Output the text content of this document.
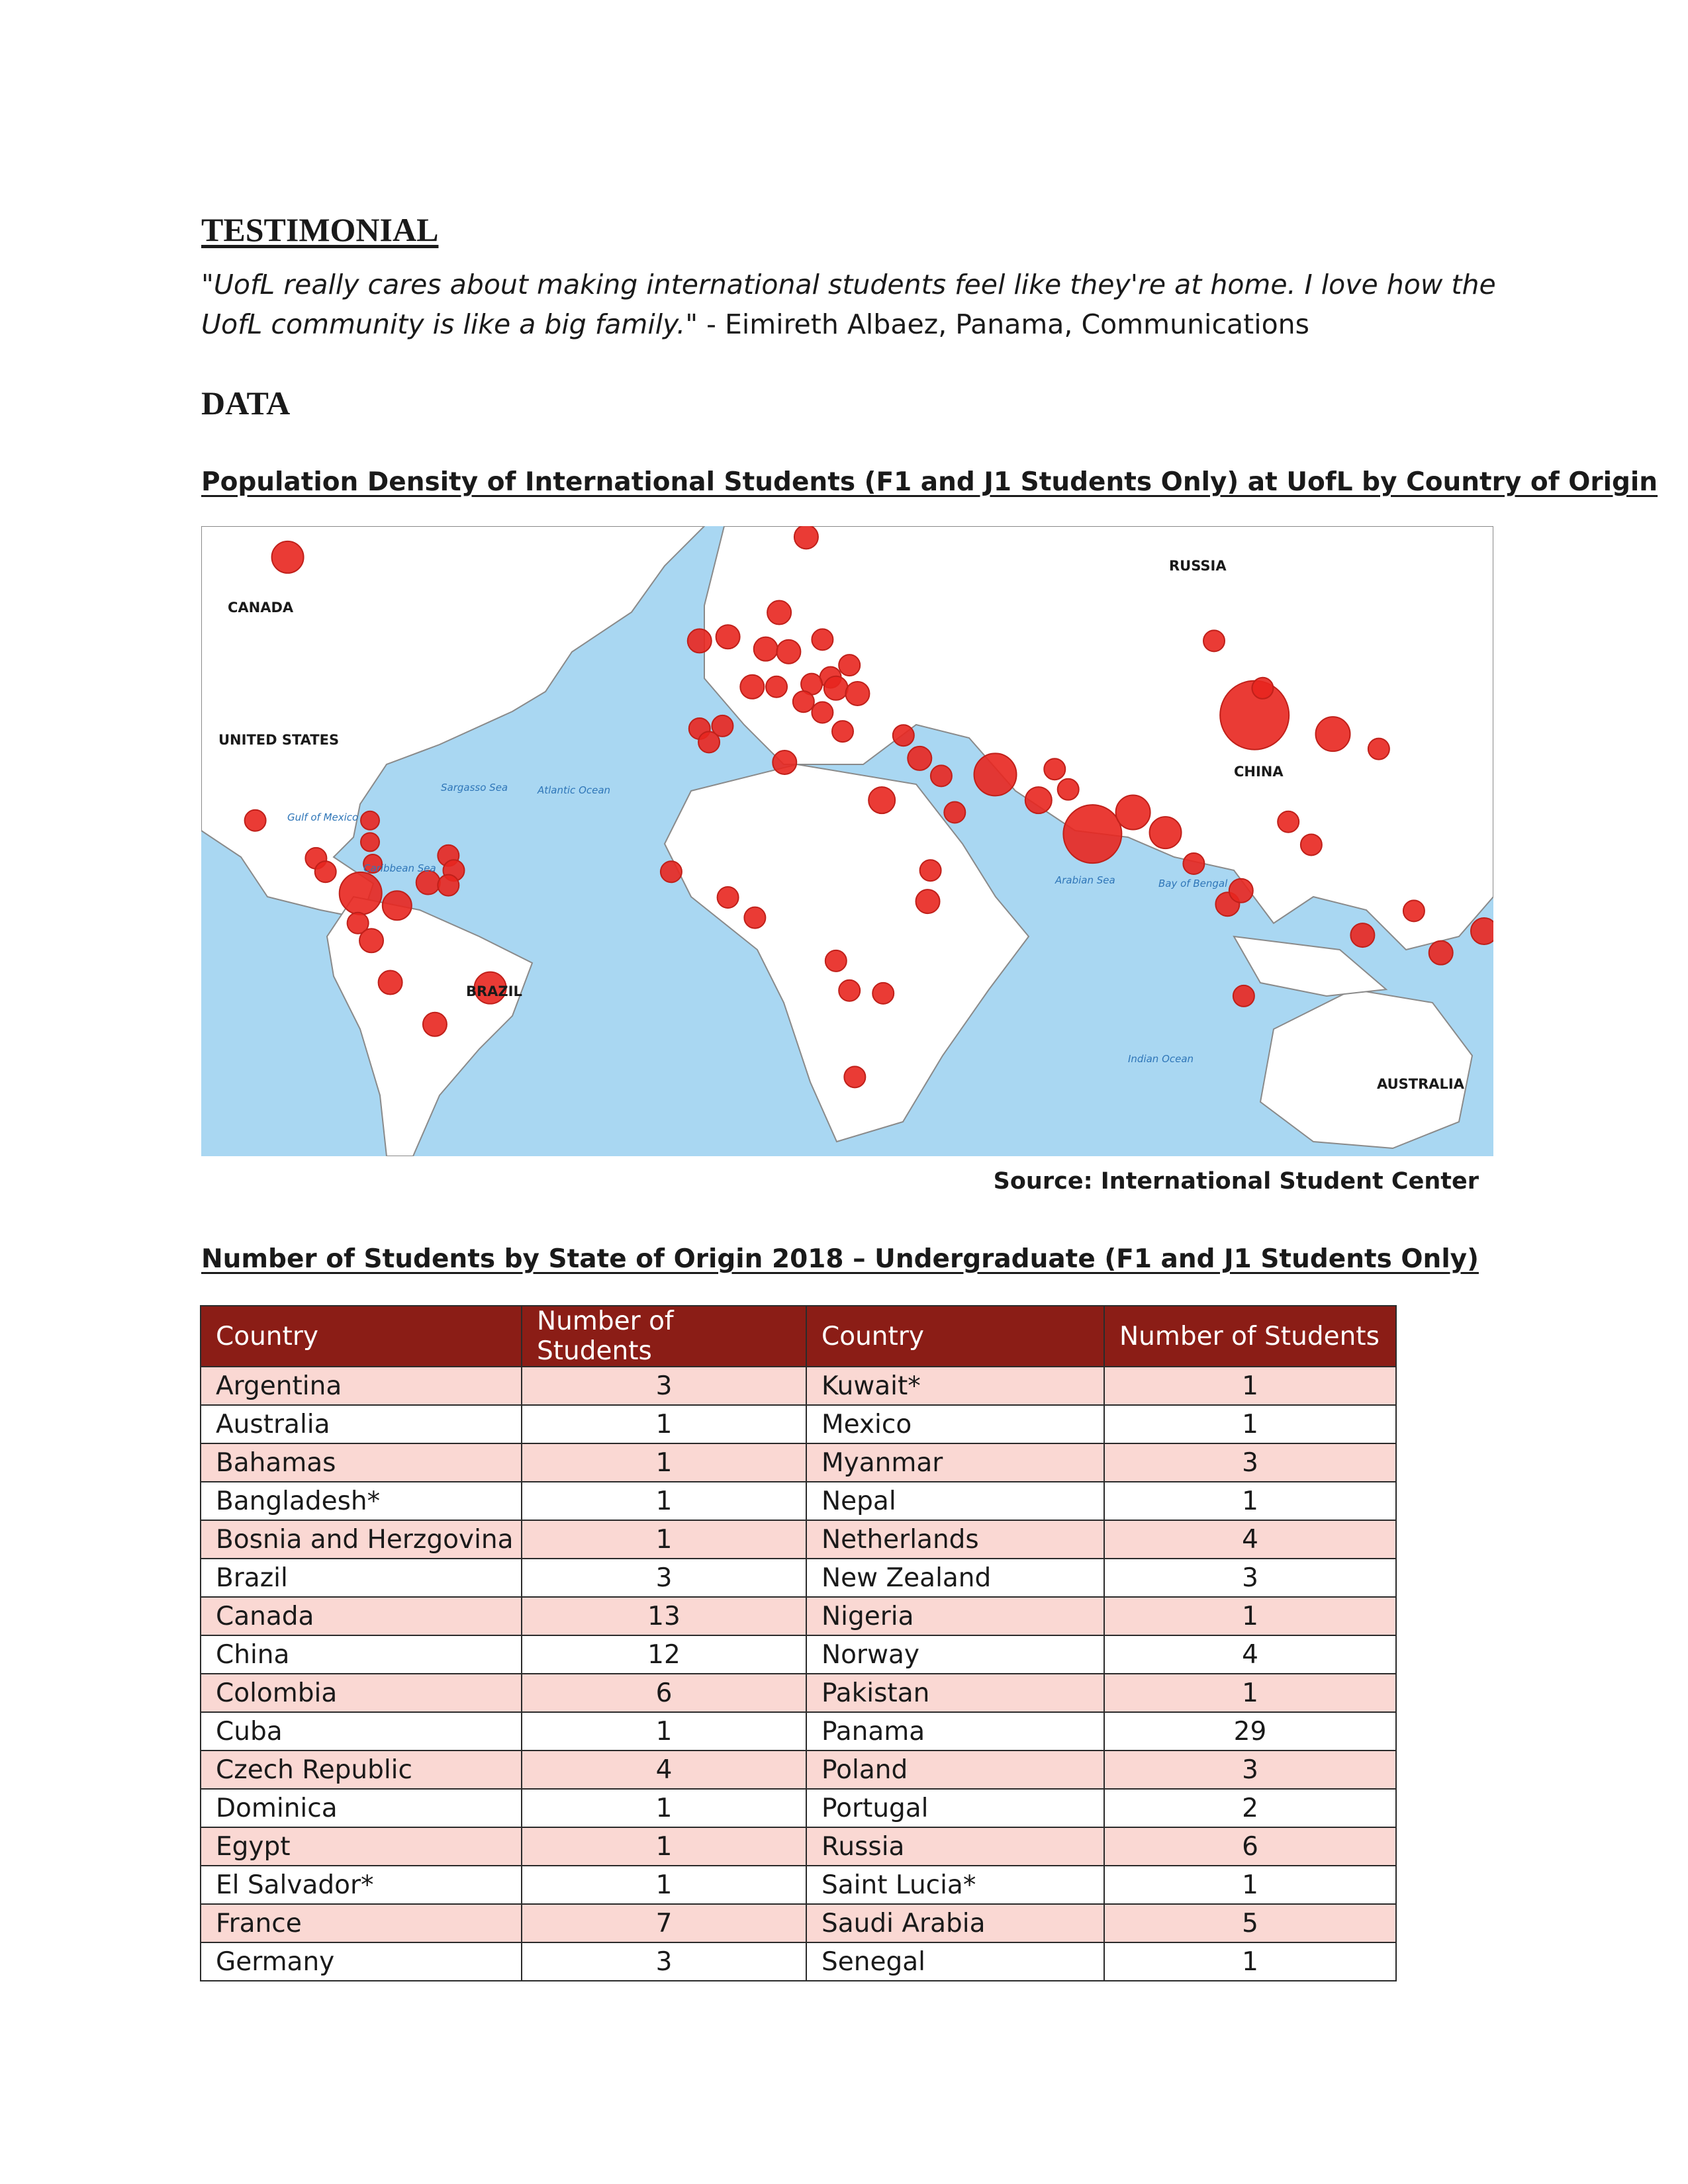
TESTIMONIAL

"UofL really cares about making international students feel like they're at home. I love how the UofL community is like a big family." - Eimireth Albaez, Panama, Communications

DATA
Population Density of International Students (F1 and J1 Students Only) at UofL by Country of Origin
CANADA
UNITED STATES
BRAZIL
RUSSIA
CHINA
AUSTRALIA
Atlantic Ocean
Indian Ocean
Arabian Sea
Sargasso Sea
Gulf of Mexico
Caribbean Sea
Bay of Bengal

Source: International Student Center

Number of Students by State of Origin 2018 – Undergraduate (F1 and J1 Students Only)
Country	Number of Students	Country	Number of Students
Argentina	3	Kuwait*	1
Australia	1	Mexico	1
Bahamas	1	Myanmar	3
Bangladesh*	1	Nepal	1
Bosnia and Herzgovina	1	Netherlands	4
Brazil	3	New Zealand	3
Canada	13	Nigeria	1
China	12	Norway	4
Colombia	6	Pakistan	1
Cuba	1	Panama	29
Czech Republic	4	Poland	3
Dominica	1	Portugal	2
Egypt	1	Russia	6
El Salvador*	1	Saint Lucia*	1
France	7	Saudi Arabia	5
Germany	3	Senegal	1
